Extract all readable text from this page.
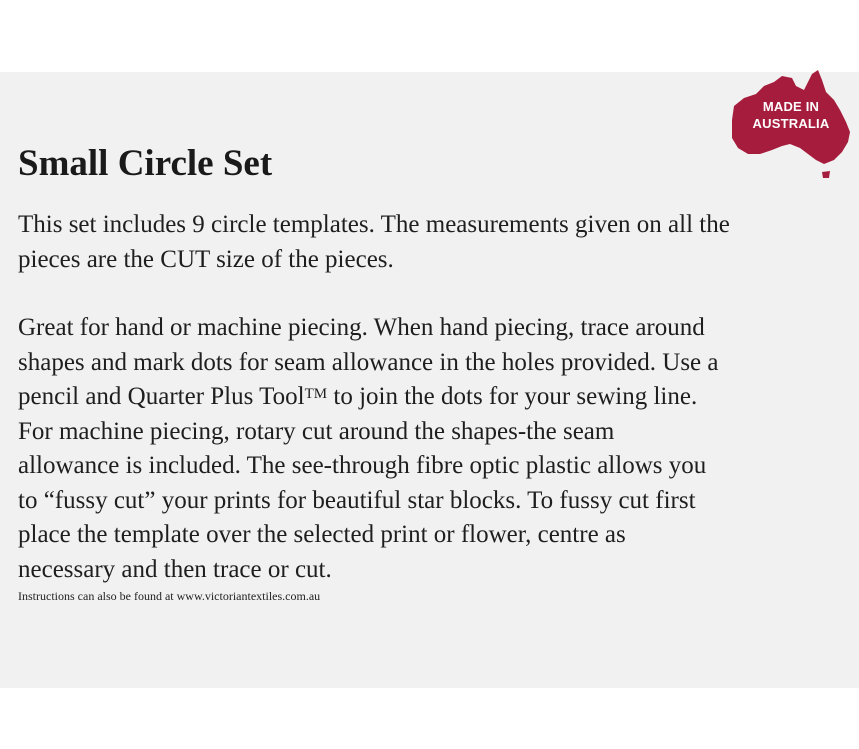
MADE IN
AUSTRALIA
Small Circle Set

This set includes 9 circle templates. The measurements given on all the
pieces are the CUT size of the pieces.

Great for hand or machine piecing. When hand piecing, trace around
shapes and mark dots for seam allowance in the holes provided. Use a
pencil and Quarter Plus Tool™ to join the dots for your sewing line.
For machine piecing, rotary cut around the shapes-the seam
allowance is included. The see-through fibre optic plastic allows you
to “fussy cut” your prints for beautiful star blocks. To fussy cut first
place the template over the selected print or flower, centre as
necessary and then trace or cut.

Instructions can also be found at www.victoriantextiles.com.au
